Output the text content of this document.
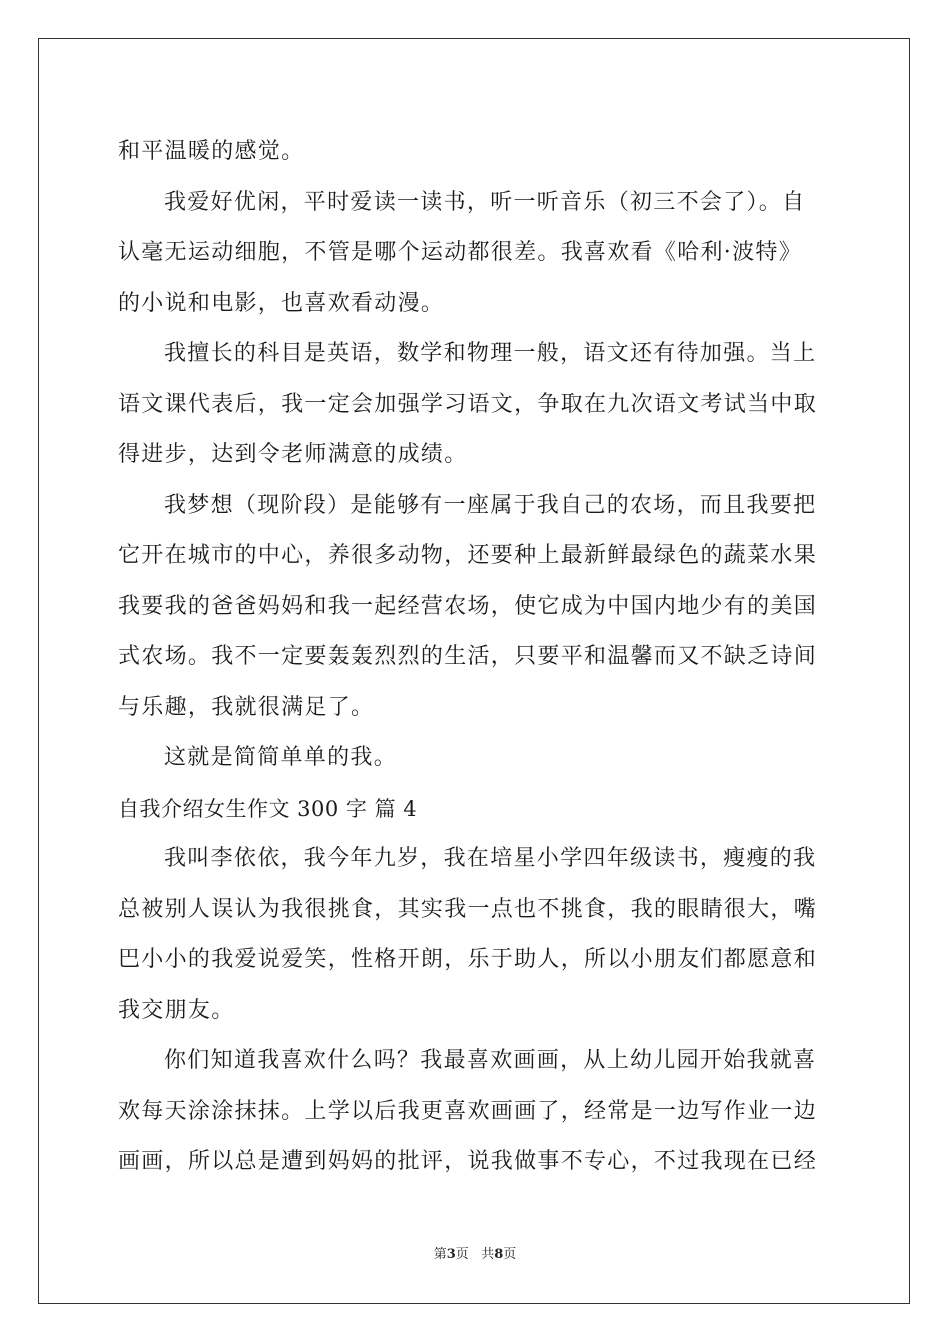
和平温暖的感觉。
我爱好优闲，平时爱读一读书，听一听音乐（初三不会了）。自
认毫无运动细胞，不管是哪个运动都很差。我喜欢看《哈利·波特》
的小说和电影，也喜欢看动漫。
我擅长的科目是英语，数学和物理一般，语文还有待加强。当上
语文课代表后，我一定会加强学习语文，争取在九次语文考试当中取
得进步，达到令老师满意的成绩。
我梦想（现阶段）是能够有一座属于我自己的农场，而且我要把
它开在城市的中心，养很多动物，还要种上最新鲜最绿色的蔬菜水果
我要我的爸爸妈妈和我一起经营农场，使它成为中国内地少有的美国
式农场。我不一定要轰轰烈烈的生活，只要平和温馨而又不缺乏诗间
与乐趣，我就很满足了。
这就是简简单单的我。
自我介绍女生作文 300 字 篇 4
我叫李依依，我今年九岁，我在培星小学四年级读书，瘦瘦的我
总被别人误认为我很挑食，其实我一点也不挑食，我的眼睛很大，嘴
巴小小的我爱说爱笑，性格开朗，乐于助人，所以小朋友们都愿意和
我交朋友。
你们知道我喜欢什么吗？我最喜欢画画，从上幼儿园开始我就喜
欢每天涂涂抹抹。上学以后我更喜欢画画了，经常是一边写作业一边
画画，所以总是遭到妈妈的批评，说我做事不专心，不过我现在已经
第3页 共8页
